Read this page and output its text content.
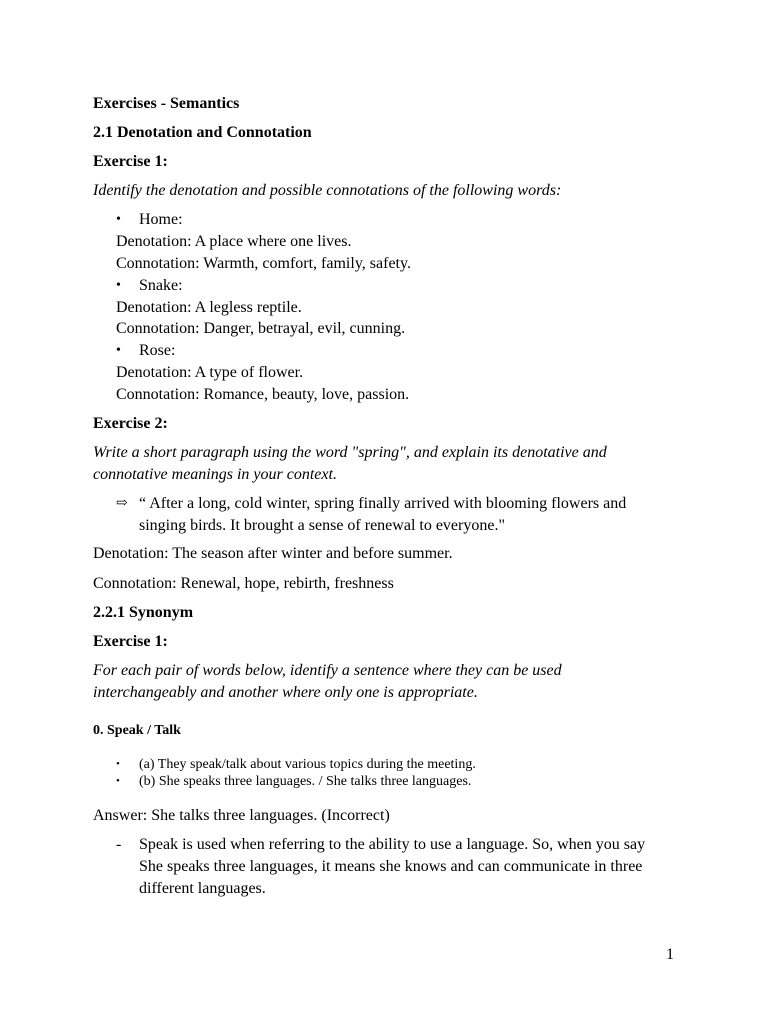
Exercises - Semantics
2.1 Denotation and Connotation
Exercise 1:
Identify the denotation and possible connotations of the following words:
• Home:
Denotation: A place where one lives.
Connotation: Warmth, comfort, family, safety.
• Snake:
Denotation: A legless reptile.
Connotation: Danger, betrayal, evil, cunning.
• Rose:
Denotation: A type of flower.
Connotation: Romance, beauty, love, passion.
Exercise 2:
Write a short paragraph using the word "spring", and explain its denotative and
connotative meanings in your context.
⇨ “ After a long, cold winter, spring finally arrived with blooming flowers and
singing birds. It brought a sense of renewal to everyone."
Denotation: The season after winter and before summer.
Connotation: Renewal, hope, rebirth, freshness
2.2.1 Synonym
Exercise 1:
For each pair of words below, identify a sentence where they can be used
interchangeably and another where only one is appropriate.
0. Speak / Talk
• (a) They speak/talk about various topics during the meeting.
• (b) She speaks three languages. / She talks three languages.
Answer: She talks three languages. (Incorrect)
- Speak is used when referring to the ability to use a language. So, when you say
She speaks three languages, it means she knows and can communicate in three
different languages.
1
